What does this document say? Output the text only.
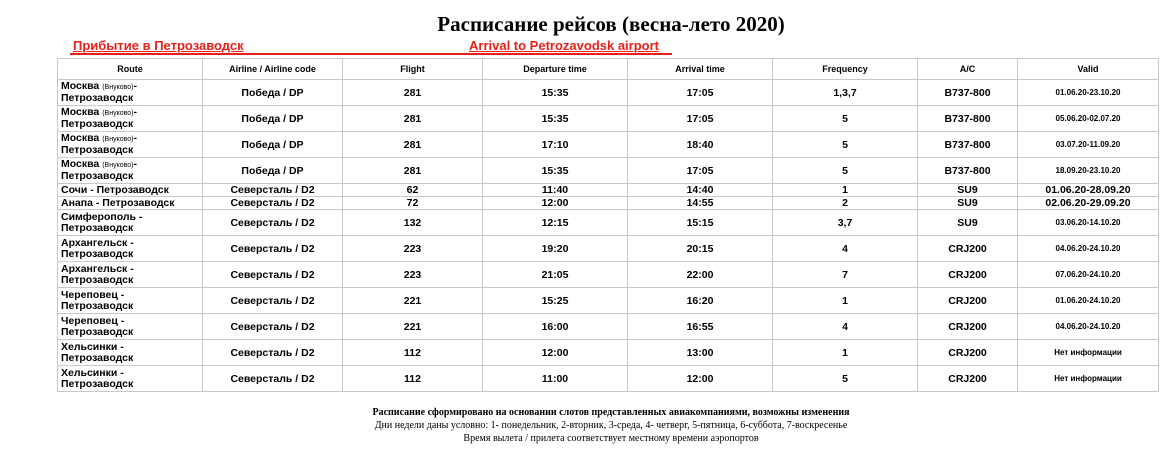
Расписание рейсов (весна-лето 2020)
Прибытие в Петрозаводск	Arrival to Petrozavodsk airport
Route	Airline / Airline code	Flight	Departure time	Arrival time	Frequency	A/C	Valid
Москва (Внуково)-
Петрозаводск	Победа / DP	281	15:35	17:05	1,3,7	B737-800	01.06.20-23.10.20
Москва (Внуково)-
Петрозаводск	Победа / DP	281	15:35	17:05	5	B737-800	05.06.20-02.07.20
Москва (Внуково)-
Петрозаводск	Победа / DP	281	17:10	18:40	5	B737-800	03.07.20-11.09.20
Москва (Внуково)-
Петрозаводск	Победа / DP	281	15:35	17:05	5	B737-800	18.09.20-23.10.20
Сочи - Петрозаводск	Северсталь / D2	62	11:40	14:40	1	SU9	01.06.20-28.09.20
Анапа - Петрозаводск	Северсталь / D2	72	12:00	14:55	2	SU9	02.06.20-29.09.20
Симферополь -
Петрозаводск	Северсталь / D2	132	12:15	15:15	3,7	SU9	03.06.20-14.10.20
Архангельск -
Петрозаводск	Северсталь / D2	223	19:20	20:15	4	CRJ200	04.06.20-24.10.20
Архангельск -
Петрозаводск	Северсталь / D2	223	21:05	22:00	7	CRJ200	07.06.20-24.10.20
Череповец -
Петрозаводск	Северсталь / D2	221	15:25	16:20	1	CRJ200	01.06.20-24.10.20
Череповец -
Петрозаводск	Северсталь / D2	221	16:00	16:55	4	CRJ200	04.06.20-24.10.20
Хельсинки -
Петрозаводск	Северсталь / D2	112	12:00	13:00	1	CRJ200	Нет информации
Хельсинки -
Петрозаводск	Северсталь / D2	112	11:00	12:00	5	CRJ200	Нет информации
Расписание сформировано на основании слотов представленных авиакомпаниями, возможны изменения
Дни недели даны условно: 1- понедельник, 2-вторник, 3-среда, 4- четверг, 5-пятница, 6-суббота, 7-воскресенье
Время вылета / прилета соответствует местному времени аэропортов
